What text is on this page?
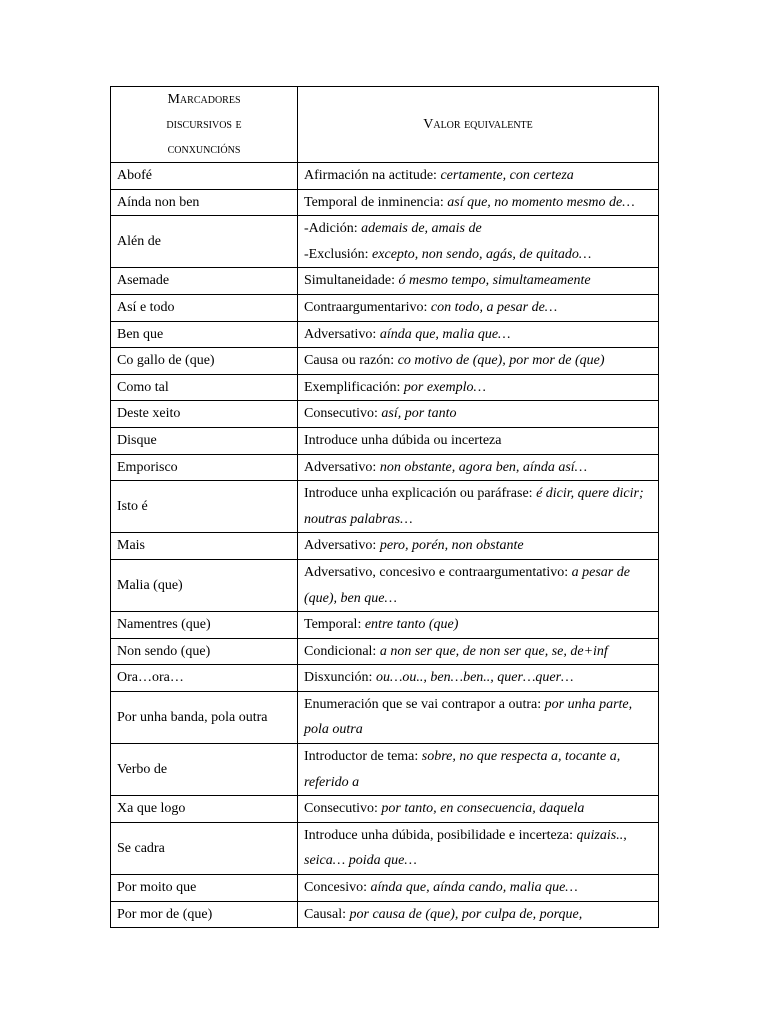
Marcadores
discursivos e
conxuncións	Valor equivalente
Abofé	Afirmación na actitude: certamente, con certeza
Aínda non ben	Temporal de inminencia: así que, no momento mesmo de…
Alén de	-Adición: ademais de, amais de
-Exclusión: excepto, non sendo, agás, de quitado…

Asemade	Simultaneidade: ó mesmo tempo, simultameamente
Así e todo	Contraargumentarivo: con todo, a pesar de…
Ben que	Adversativo: aínda que, malia que…
Co gallo de (que)	Causa ou razón: co motivo de (que), por mor de (que)
Como tal	Exemplificación: por exemplo…
Deste xeito	Consecutivo: así, por tanto
Disque	Introduce unha dúbida ou incerteza
Emporisco	Adversativo: non obstante, agora ben, aínda así…
Isto é	Introduce unha explicación ou paráfrase: é dicir, quere dicir; noutras palabras…
Mais	Adversativo: pero, porén, non obstante
Malia (que)	Adversativo, concesivo e contraargumentativo: a pesar de (que), ben que…
Namentres (que)	Temporal: entre tanto (que)
Non sendo (que)	Condicional: a non ser que, de non ser que, se, de+inf
Ora…ora…	Disxunción: ou…ou.., ben…ben.., quer…quer…
Por unha banda, pola outra	Enumeración que se vai contrapor a outra: por unha parte, pola outra
Verbo de	Introductor de tema: sobre, no que respecta a, tocante a, referido a
Xa que logo	Consecutivo: por tanto, en consecuencia, daquela
Se cadra	Introduce unha dúbida, posibilidade e incerteza: quizais.., seica… poida que…
Por moito que	Concesivo: aínda que, aínda cando, malia que…
Por mor de (que)	Causal: por causa de (que), por culpa de, porque,
